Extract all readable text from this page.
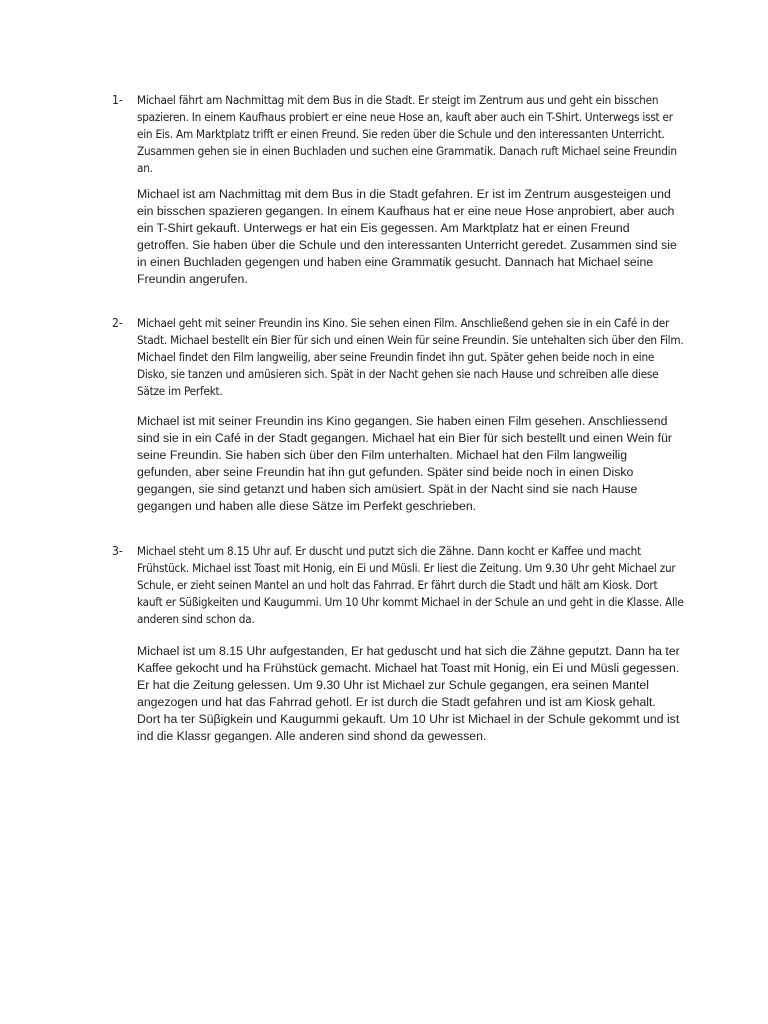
1- Michael fährt am Nachmittag mit dem Bus in die Stadt. Er steigt im Zentrum aus und geht ein bisschen spazieren. In einem Kaufhaus probiert er eine neue Hose an, kauft aber auch ein T-Shirt. Unterwegs isst er ein Eis. Am Marktplatz trifft er einen Freund. Sie reden über die Schule und den interessanten Unterricht. Zusammen gehen sie in einen Buchladen und suchen eine Grammatik. Danach ruft Michael seine Freundin an.

Michael ist am Nachmittag mit dem Bus in die Stadt gefahren. Er ist im Zentrum ausgesteigen und ein bisschen spazieren gegangen. In einem Kaufhaus hat er eine neue Hose anprobiert, aber auch ein T-Shirt gekauft. Unterwegs er hat ein Eis gegessen. Am Marktplatz hat er einen Freund getroffen. Sie haben über die Schule und den interessanten Unterricht geredet. Zusammen sind sie in einen Buchladen gegengen und haben eine Grammatik gesucht. Dannach hat Michael seine Freundin angerufen.

2- Michael geht mit seiner Freundin ins Kino. Sie sehen einen Film. Anschließend gehen sie in ein Café in der Stadt. Michael bestellt ein Bier für sich und einen Wein für seine Freundin. Sie untehalten sich über den Film. Michael findet den Film langweilig, aber seine Freundin findet ihn gut. Später gehen beide noch in eine Disko, sie tanzen und amüsieren sich. Spät in der Nacht gehen sie nach Hause und schreiben alle diese Sätze im Perfekt.

Michael ist mit seiner Freundin ins Kino gegangen. Sie haben einen Film gesehen. Anschliessend sind sie in ein Café in der Stadt gegangen. Michael hat ein Bier für sich bestellt und einen Wein für seine Freundin. Sie haben sich über den Film unterhalten. Michael hat den Film langweilig gefunden, aber seine Freundin hat ihn gut gefunden. Später sind beide noch in einen Disko gegangen, sie sind getanzt und haben sich amüsiert. Spät in der Nacht sind sie nach Hause gegangen und haben alle diese Sätze im Perfekt geschrieben.

3- Michael steht um 8.15 Uhr auf. Er duscht und putzt sich die Zähne. Dann kocht er Kaffee und macht Frühstück. Michael isst Toast mit Honig, ein Ei und Müsli. Er liest die Zeitung. Um 9.30 Uhr geht Michael zur Schule, er zieht seinen Mantel an und holt das Fahrrad. Er fährt durch die Stadt und hält am Kiosk. Dort kauft er Süßigkeiten und Kaugummi. Um 10 Uhr kommt Michael in der Schule an und geht in die Klasse. Alle anderen sind schon da.

Michael ist um 8.15 Uhr aufgestanden, Er hat geduscht und hat sich die Zähne geputzt. Dann ha ter Kaffee gekocht und ha Frühstück gemacht. Michael hat Toast mit Honig, ein Ei und Müsli gegessen. Er hat die Zeitung gelessen. Um 9.30 Uhr ist Michael zur Schule gegangen, era seinen Mantel angezogen und hat das Fahrrad gehotl. Er ist durch die Stadt gefahren und ist am Kiosk gehalt. Dort ha ter Süβigkein und Kaugummi gekauft. Um 10 Uhr ist Michael in der Schule gekommt und ist ind die Klassr gegangen. Alle anderen sind shond da gewessen.
